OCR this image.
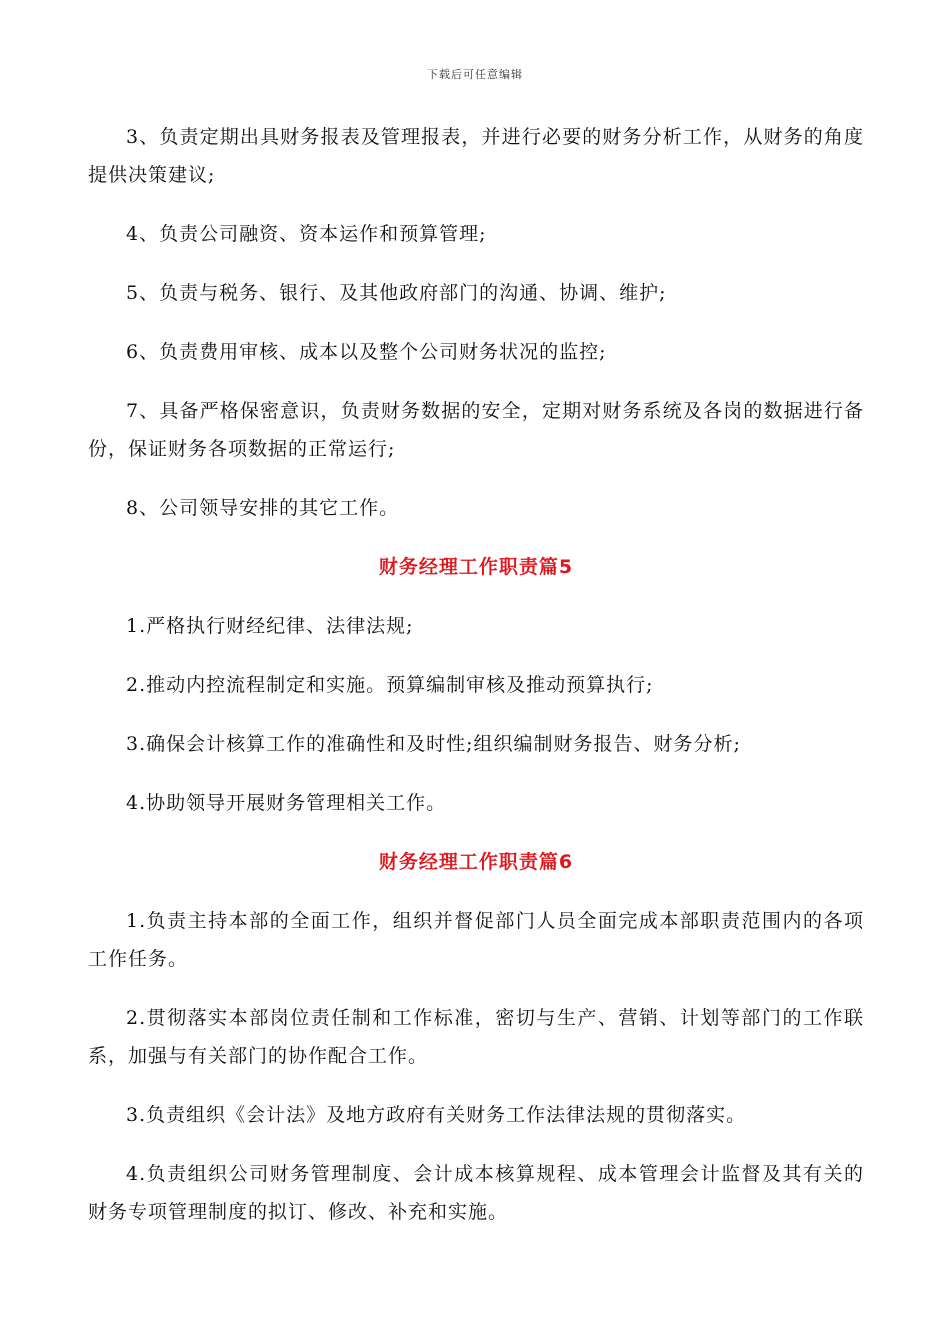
下载后可任意编辑

3、负责定期出具财务报表及管理报表，并进行必要的财务分析工作，从财务的角度提供决策建议;

4、负责公司融资、资本运作和预算管理;

5、负责与税务、银行、及其他政府部门的沟通、协调、维护;

6、负责费用审核、成本以及整个公司财务状况的监控;

7、具备严格保密意识，负责财务数据的安全，定期对财务系统及各岗的数据进行备份，保证财务各项数据的正常运行;

8、公司领导安排的其它工作。

财务经理工作职责篇5

1.严格执行财经纪律、法律法规;

2.推动内控流程制定和实施。预算编制审核及推动预算执行;

3.确保会计核算工作的准确性和及时性;组织编制财务报告、财务分析;

4.协助领导开展财务管理相关工作。

财务经理工作职责篇6

1.负责主持本部的全面工作，组织并督促部门人员全面完成本部职责范围内的各项工作任务。

2.贯彻落实本部岗位责任制和工作标准，密切与生产、营销、计划等部门的工作联系，加强与有关部门的协作配合工作。

3.负责组织《会计法》及地方政府有关财务工作法律法规的贯彻落实。

4.负责组织公司财务管理制度、会计成本核算规程、成本管理会计监督及其有关的财务专项管理制度的拟订、修改、补充和实施。
